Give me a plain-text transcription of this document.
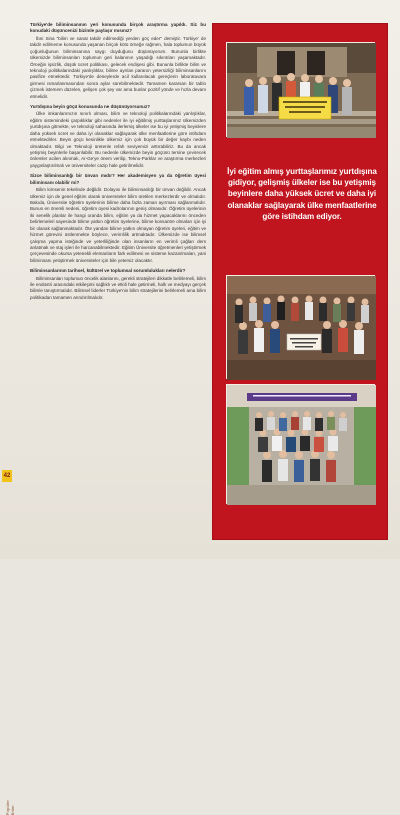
Popüler Bilim
42

Türkiye'de biliminsanının yeri konusunda birçok araştırma yapıldı. Siz bu konudaki düşüncenizi bizimle paylaşır mısınız?

İbni Sina "bilim ve sanat takdir edilmediği yerden göç eder" demiştir. Türkiye' de takdir edilmeme konusunda yaşanan birçok kötü örneğe rağmen, hala toplumun büyük çoğunluğunun biliminsanına saygı duyduğunu düşünüyorum. Bununla birlikte ülkemizde biliminsanları toplumun geri kalanının yaşadığı sıkıntıları yaşamaktadır. Örneğin işsizlik, düşük ücret politikası, gelecek endişesi gibi. Bununla birlikte bilim ve teknoloji politikalarındaki yanlışlıklar, bilime ayrılan paranın yetersizliği biliminsanlarını pasifize etmektedir. Türkiye'de deneylerde acil kullanılacak gereçlerin laboratuvara girmesi ısmarlanmasından sonra aylar sürebilmektedir. Tamamen kararsan bir tablo çizmek istemem düzelen, gelişen çok şey var ama bunlar pozitif yönde ve hızla devam etmelidir.

Yurtdışına beyin göçü konusunda ne düşünüyorsunuz?

Ülke imkanlarımızın sınırlı olması, bilim ve teknoloji politikalarındaki yanlışlıklar, eğitim sistemindeki çarpıklıklar gibi nedenler ile iyi eğitilmiş yurttaşlarımız ülkemizden yurtdışına gitmekte, ve teknoloji sahasında ilerlemiş ülkeler ise bu iyi yetişmiş beyinlere daha yüksek ücret ve daha iyi olanaklar sağlayarak ülke menfaatlerine göre istihdam etmektedirler. Beyin göçü kesinlikle ülkemiz için çok büyük bir değer kaybı neden olmaktadır. Bilgi ve Teknoloji üretenle refah seviyemizi arttırabiliriz. Bu da ancak yetişmiş beyinlerle başarılabilir. Bu nedenle ülkemizde beyin göçünü tersine çevirecek önlemler acilen alınmalı, Ar-Ge'ye önem verilip, Tekno-Parklar ve araştırma merkezleri yaygınlaştırılmalı ve üniversiteler cazip hale getirilmelidir.

Sizce biliminsanlığı bir ünvan mıdır? Her akademisyen ya da öğretim üyesi biliminsanı olabilir mi?

Bilim kimsenin tekelinde değildir. Dolayısı ile biliminsanlığı bir ünvan değildir. Ancak ülkemiz için de genel eğitim olarak üniversiteler bilim üretilen merkezlerdir ve olmalıdır. Bakıda, Üniversite öğretim üyelerinin bilime daha fazla zaman ayırması sağlanmalıdır. Bunun en önemli nedeni, öğretim üyesi kadrolarının geniş olmasıdır. Öğretim üyelerinin iki senelik planlar ile hangi oranda bilim, eğitim ya da hizmet yapacaklarını önceden belirlemeleri sayesinde bilime yatkın öğretim üyelerine, bilime konsantre olmaları için iyi bir olanak sağlanmaktadır. Öte yandan bilime yatkın olmayan öğretim üyeleri, eğitim ve hizmet görevini üstlenmekte böylece, verimlilik artmaktadır. Ülkemizde ise bilimsel çalışma yapma isteğinde ve yeterliliğinde olan insanların en verimli çağları ders anlatmak ve staj işleri ile harcanabilmektedir. Eğitim Üniversite öğretmenleri yetiştirmek çerçevesinde okursa yetenekli elemanların fark edilmesi ve sisteme kazanılmaları, yani biliminsanı yetiştirmek üniversiteler için bile yetersiz olacaktır.

Biliminsanlarının tarihsel, kültürel ve toplumsal sorumlulukları nelerdir?

Biliminsanları toplumun öncelik alanlarını, gerekli stratejileri dikkatle belirlemeli, bilim ile endüstri arasındaki etkileşimi sağlıklı ve etkili hale getirmeli, halk ve medyayı gerçek bilimle tanıştırmalıdır. Bilimsel liderler Türkiye'nin bilim stratejilerini belirlemeli ama bilim politikadan tamamen arındırılmalıdır.

İyi eğitim almış yurttaşlarımız yurtdışına gidiyor, gelişmiş ülkeler ise bu yetişmiş beyinlere daha yüksek ücret ve daha iyi olanaklar sağlayarak ülke menfaatlerine göre istihdam ediyor.
